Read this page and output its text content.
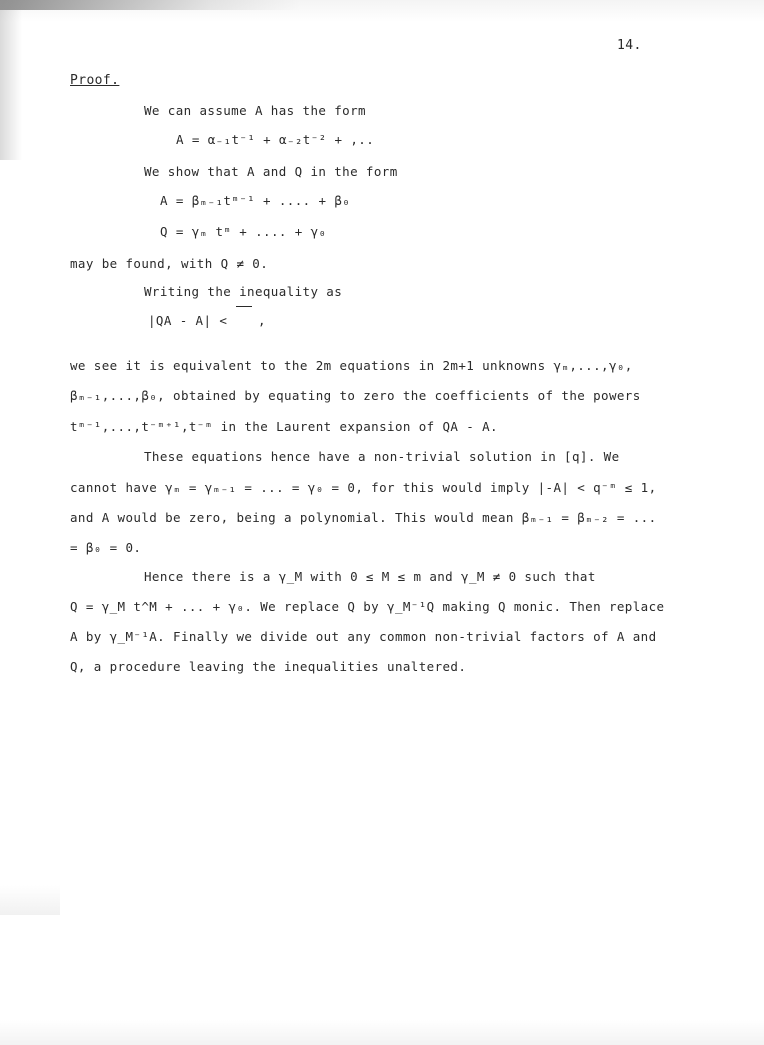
14.
Proof.
We can assume A has the form
A = α₋₁t⁻¹ + α₋₂t⁻² + ,..
We show that A and Q in the form
A = βₘ₋₁tᵐ⁻¹ + .... + β₀
Q = γₘ tᵐ + .... + γ₀
may be found, with Q ≠ 0.
Writing the inequality as
|QA - A| < ,
we see it is equivalent to the 2m equations in 2m+1 unknowns γₘ,...,γ₀,
βₘ₋₁,...,β₀, obtained by equating to zero the coefficients of the powers
tᵐ⁻¹,...,t⁻ᵐ⁺¹,t⁻ᵐ in the Laurent expansion of QA - A.
These equations hence have a non-trivial solution in [q]. We
cannot have γₘ = γₘ₋₁ = ... = γ₀ = 0, for this would imply |-A| < q⁻ᵐ ≤ 1,
and A would be zero, being a polynomial. This would mean βₘ₋₁ = βₘ₋₂ = ...
= β₀ = 0.
Hence there is a γ_M with 0 ≤ M ≤ m and γ_M ≠ 0 such that
Q = γ_M t^M + ... + γ₀. We replace Q by γ_M⁻¹Q making Q monic. Then replace
A by γ_M⁻¹A. Finally we divide out any common non-trivial factors of A and
Q, a procedure leaving the inequalities unaltered.
